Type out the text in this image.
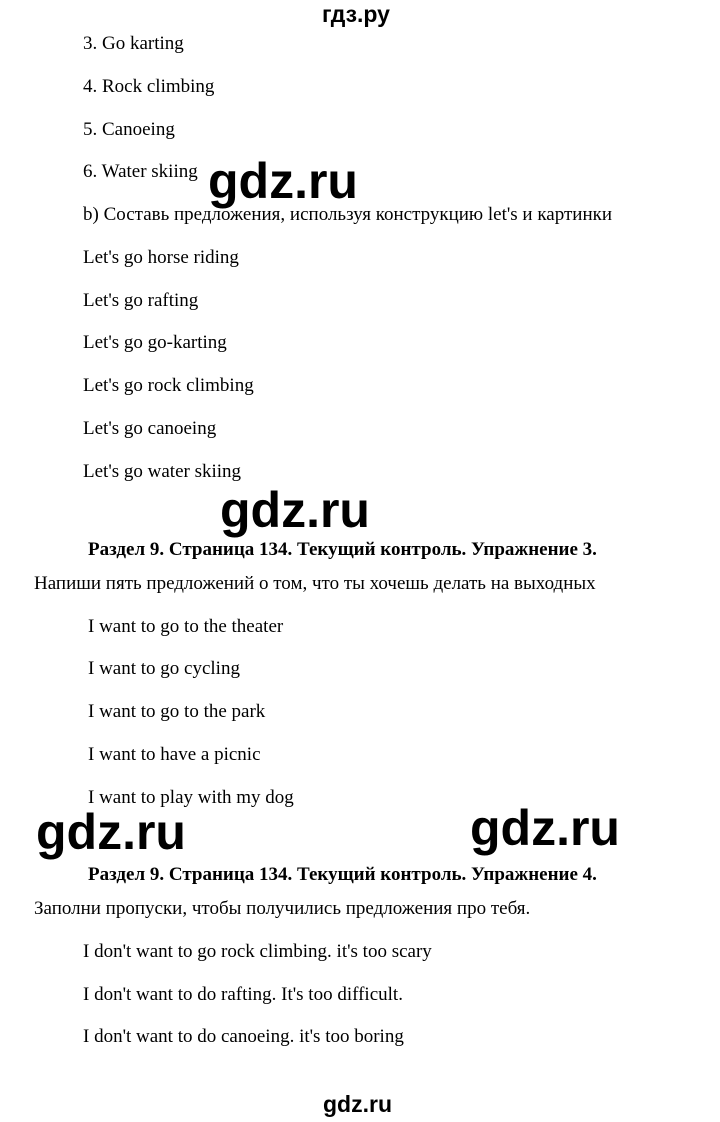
гдз.ру
3. Go karting
4. Rock climbing
5. Canoeing
6. Water skiing gdz.ru
b) Составь предложения, используя конструкцию let's и картинки
Let's go horse riding
Let's go rafting
Let's go go-karting
Let's go rock climbing
Let's go canoeing
Let's go water skiing
gdz.ru
Раздел 9. Страница 134. Текущий контроль. Упражнение 3.
Напиши пять предложений о том, что ты хочешь делать на выходных
I want to go to the theater
I want to go cycling
I want to go to the park
I want to have a picnic
I want to play with my dog
gdz.ru	gdz.ru
Раздел 9. Страница 134. Текущий контроль. Упражнение 4.
Заполни пропуски, чтобы получились предложения про тебя.
I don't want to go rock climbing. it's too scary
I don't want to do rafting. It's too difficult.
I don't want to do canoeing. it's too boring
gdz.ru
